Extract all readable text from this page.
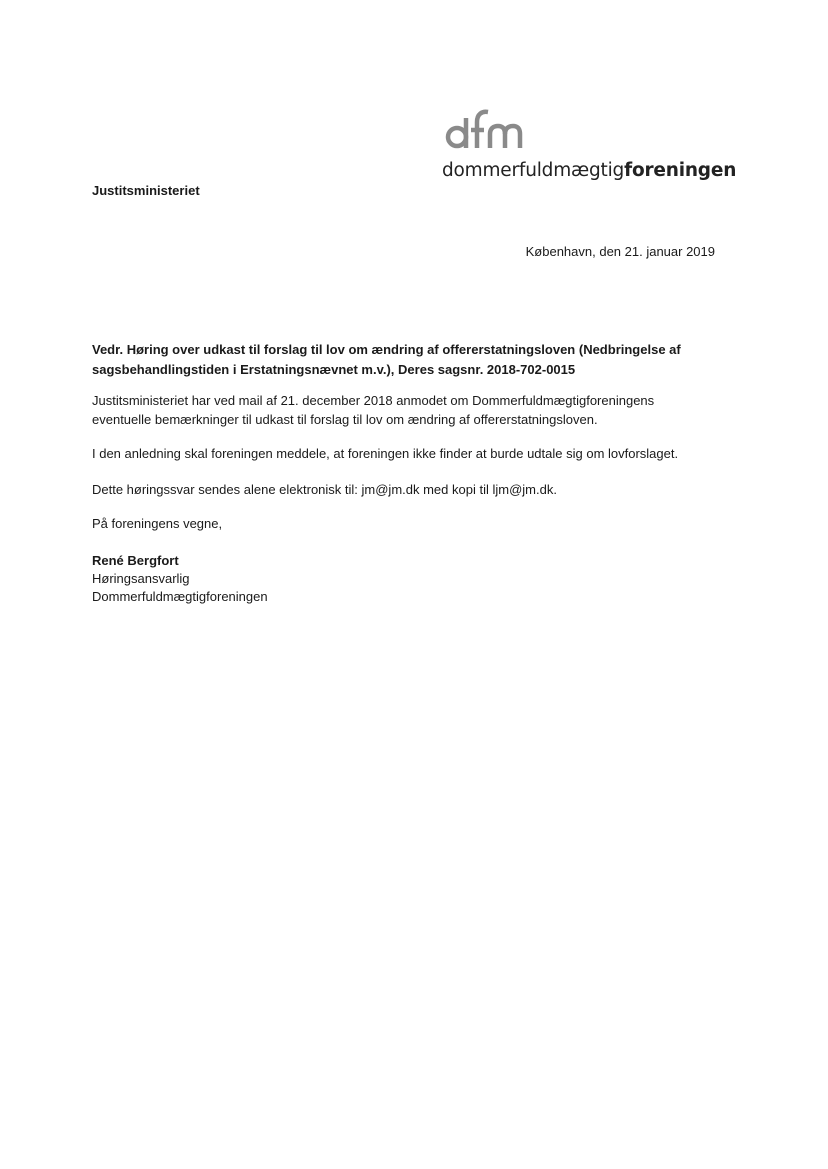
dommerfuldmægtigforeningen
Justitsministeriet
København, den 21. januar 2019
Vedr. Høring over udkast til forslag til lov om ændring af offererstatningsloven (Nedbringelse af sagsbehandlingstiden i Erstatningsnævnet m.v.), Deres sagsnr. 2018-702-0015
Justitsministeriet har ved mail af 21. december 2018 anmodet om Dommerfuldmægtigforeningens
eventuelle bemærkninger til udkast til forslag til lov om ændring af offererstatningsloven.
I den anledning skal foreningen meddele, at foreningen ikke finder at burde udtale sig om lovforslaget.
Dette høringssvar sendes alene elektronisk til: jm@jm.dk med kopi til ljm@jm.dk.
På foreningens vegne,
René Bergfort
Høringsansvarlig
Dommerfuldmægtigforeningen
